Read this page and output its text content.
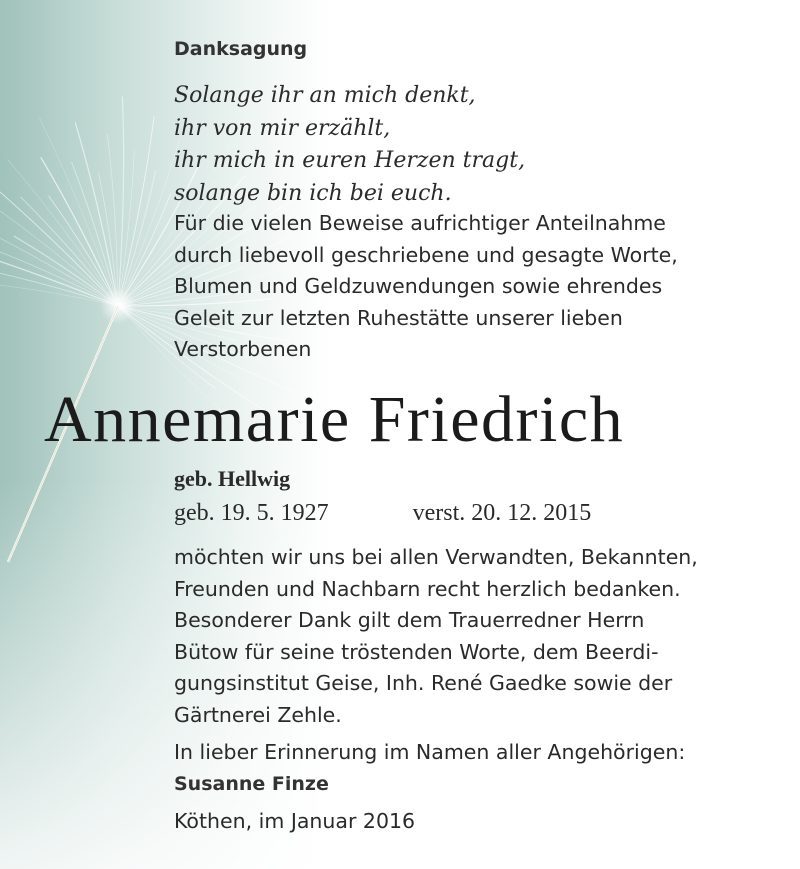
Danksagung
Solange ihr an mich denkt,
ihr von mir erzählt,
ihr mich in euren Herzen tragt,
solange bin ich bei euch.
Für die vielen Beweise aufrichtiger Anteilnahme
durch liebevoll geschriebene und gesagte Worte,
Blumen und Geldzuwendungen sowie ehrendes
Geleit zur letzten Ruhestätte unserer lieben
Verstorbenen
Annemarie Friedrich
geb. Hellwig
geb. 19. 5. 1927	verst. 20. 12. 2015
möchten wir uns bei allen Verwandten, Bekannten,
Freunden und Nachbarn recht herzlich bedanken.
Besonderer Dank gilt dem Trauerredner Herrn
Bütow für seine tröstenden Worte, dem Beerdi-
gungsinstitut Geise, Inh. René Gaedke sowie der
Gärtnerei Zehle.
In lieber Erinnerung im Namen aller Angehörigen:
Susanne Finze
Köthen, im Januar 2016
